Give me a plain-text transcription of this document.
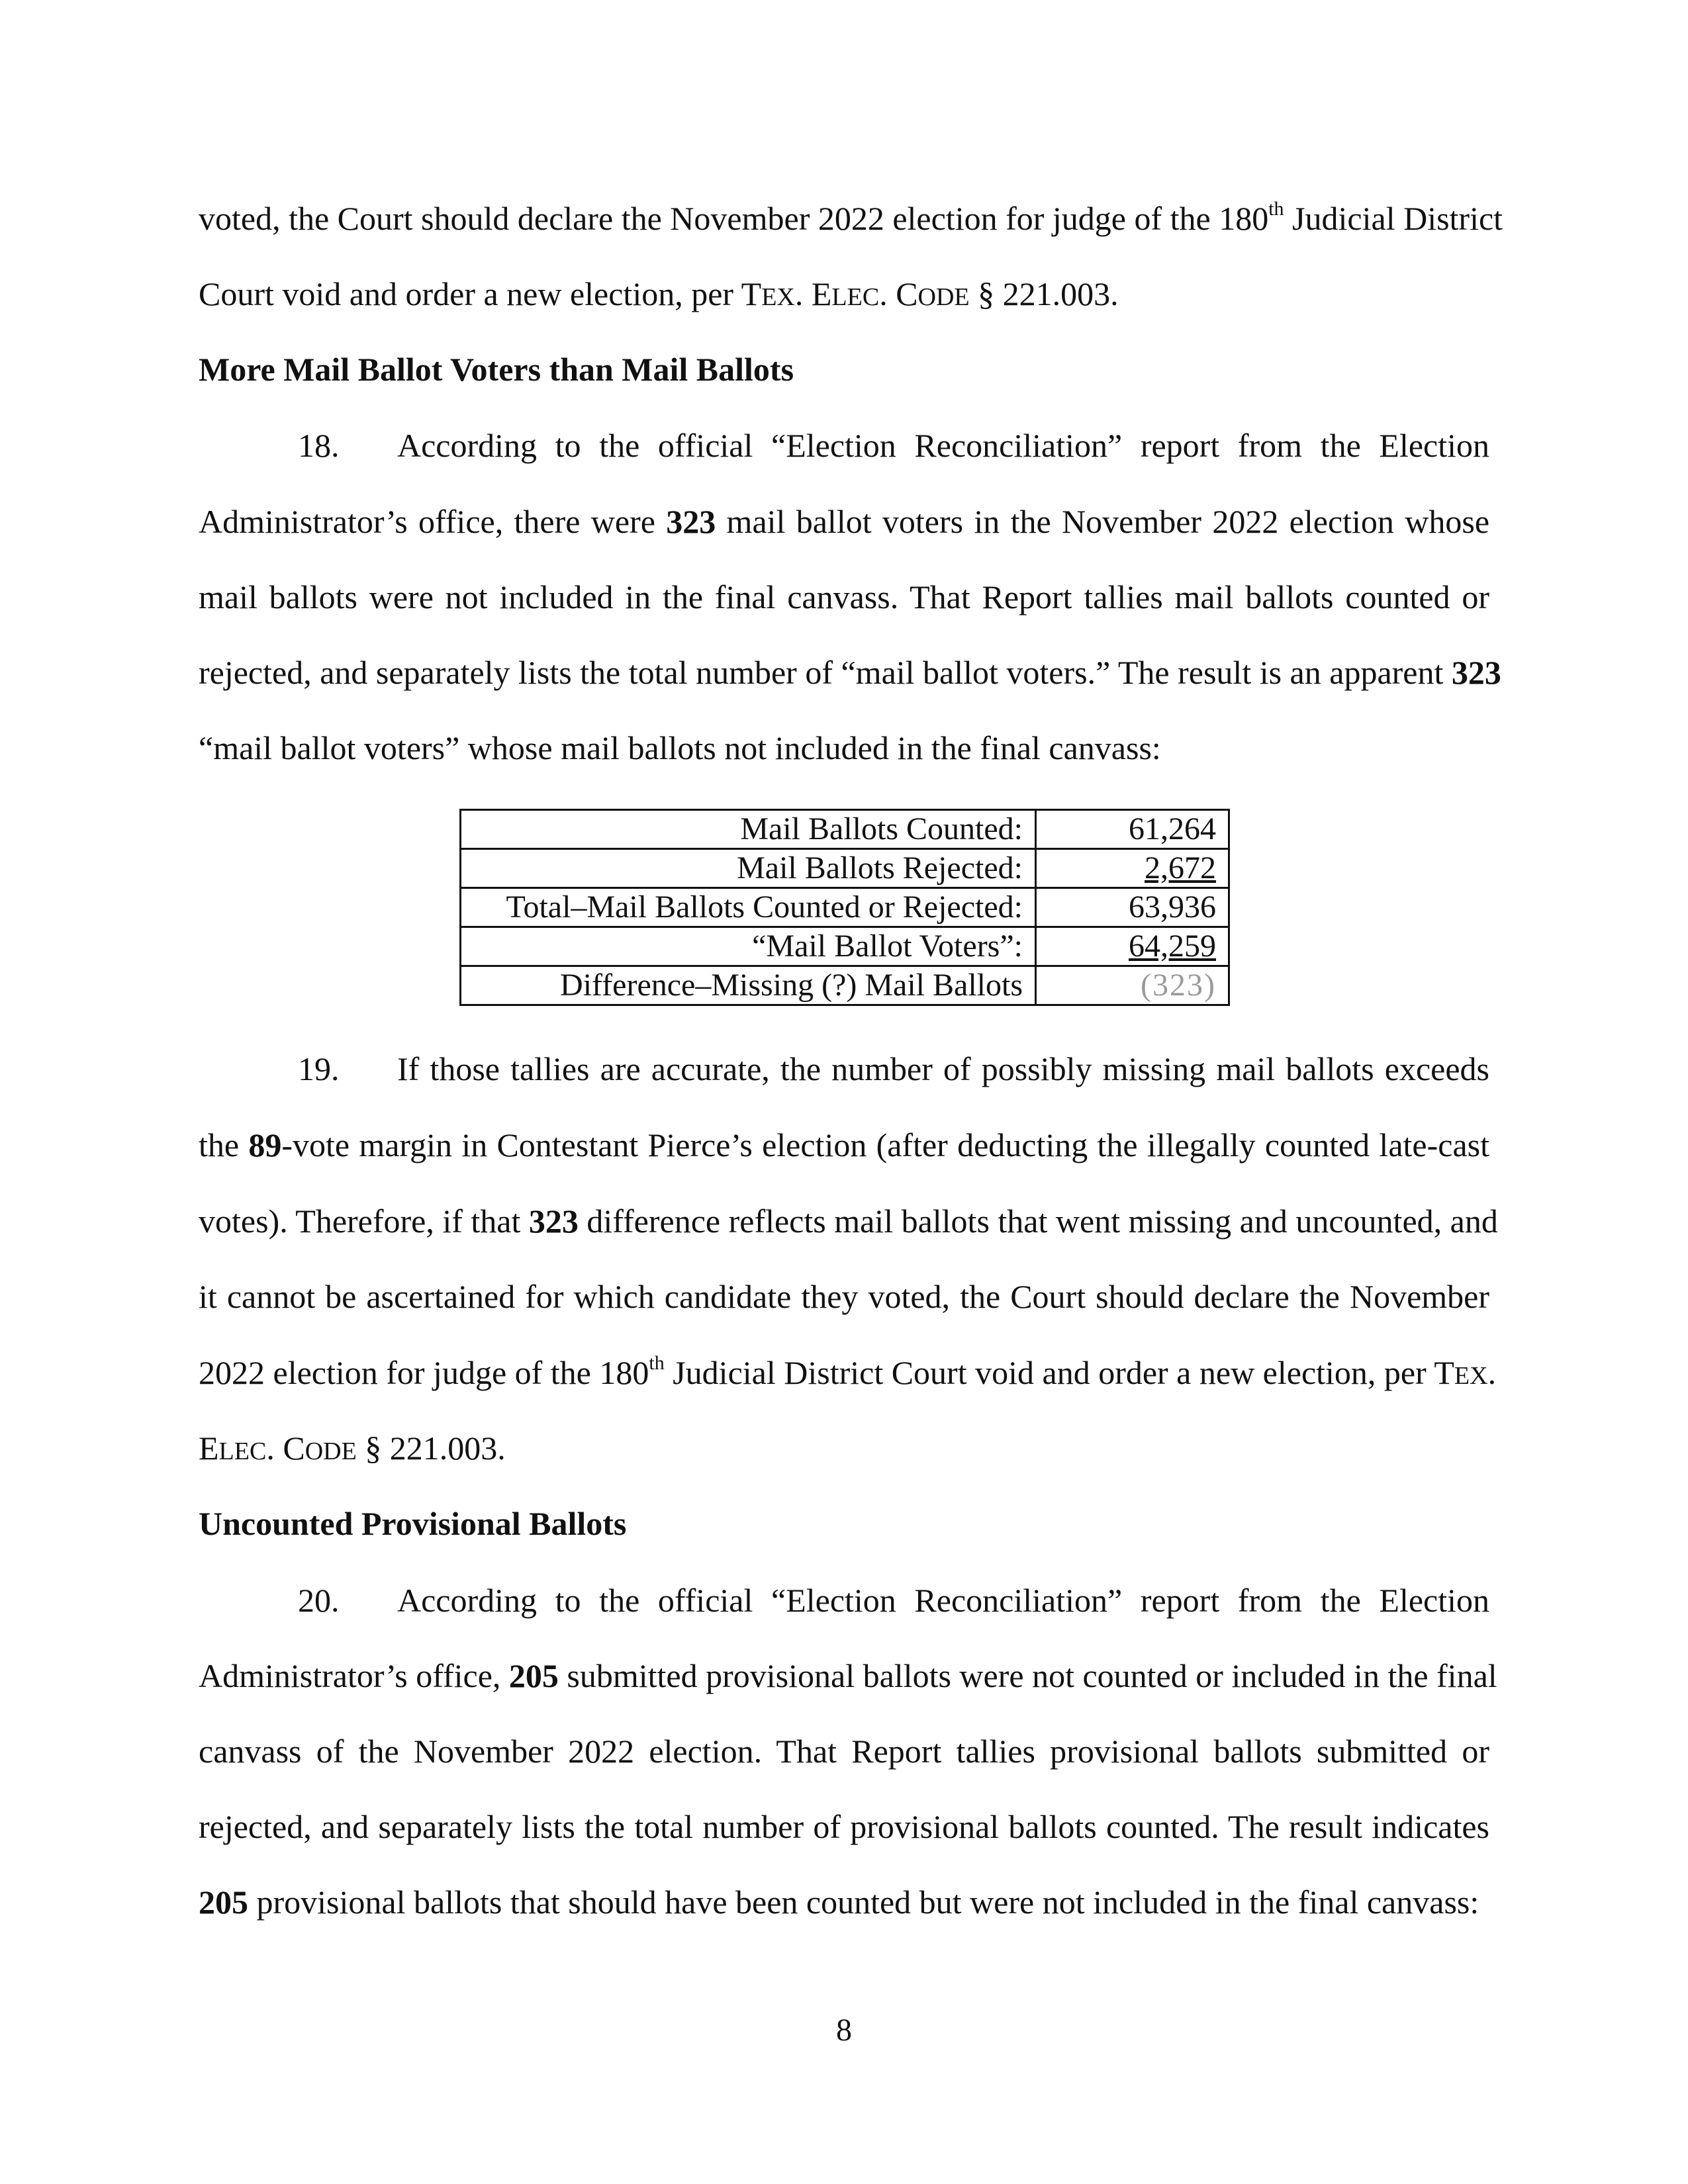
voted, the Court should declare the November 2022 election for judge of the 180th Judicial District
Court void and order a new election, per TEX. ELEC. CODE § 221.003.
More Mail Ballot Voters than Mail Ballots
18. According to the official “Election Reconciliation” report from the Election
Administrator’s office, there were 323 mail ballot voters in the November 2022 election whose
mail ballots were not included in the final canvass. That Report tallies mail ballots counted or
rejected, and separately lists the total number of “mail ballot voters.” The result is an apparent 323
“mail ballot voters” whose mail ballots not included in the final canvass:
Mail Ballots Counted:	61,264
Mail Ballots Rejected:	2,672
Total–Mail Ballots Counted or Rejected:	63,936
“Mail Ballot Voters”:	64,259
Difference–Missing (?) Mail Ballots	(323)
19. If those tallies are accurate, the number of possibly missing mail ballots exceeds
the 89-vote margin in Contestant Pierce’s election (after deducting the illegally counted late-cast
votes). Therefore, if that 323 difference reflects mail ballots that went missing and uncounted, and
it cannot be ascertained for which candidate they voted, the Court should declare the November
2022 election for judge of the 180th Judicial District Court void and order a new election, per TEX.
ELEC. CODE § 221.003.
Uncounted Provisional Ballots
20. According to the official “Election Reconciliation” report from the Election
Administrator’s office, 205 submitted provisional ballots were not counted or included in the final
canvass of the November 2022 election. That Report tallies provisional ballots submitted or
rejected, and separately lists the total number of provisional ballots counted. The result indicates
205 provisional ballots that should have been counted but were not included in the final canvass:
8
